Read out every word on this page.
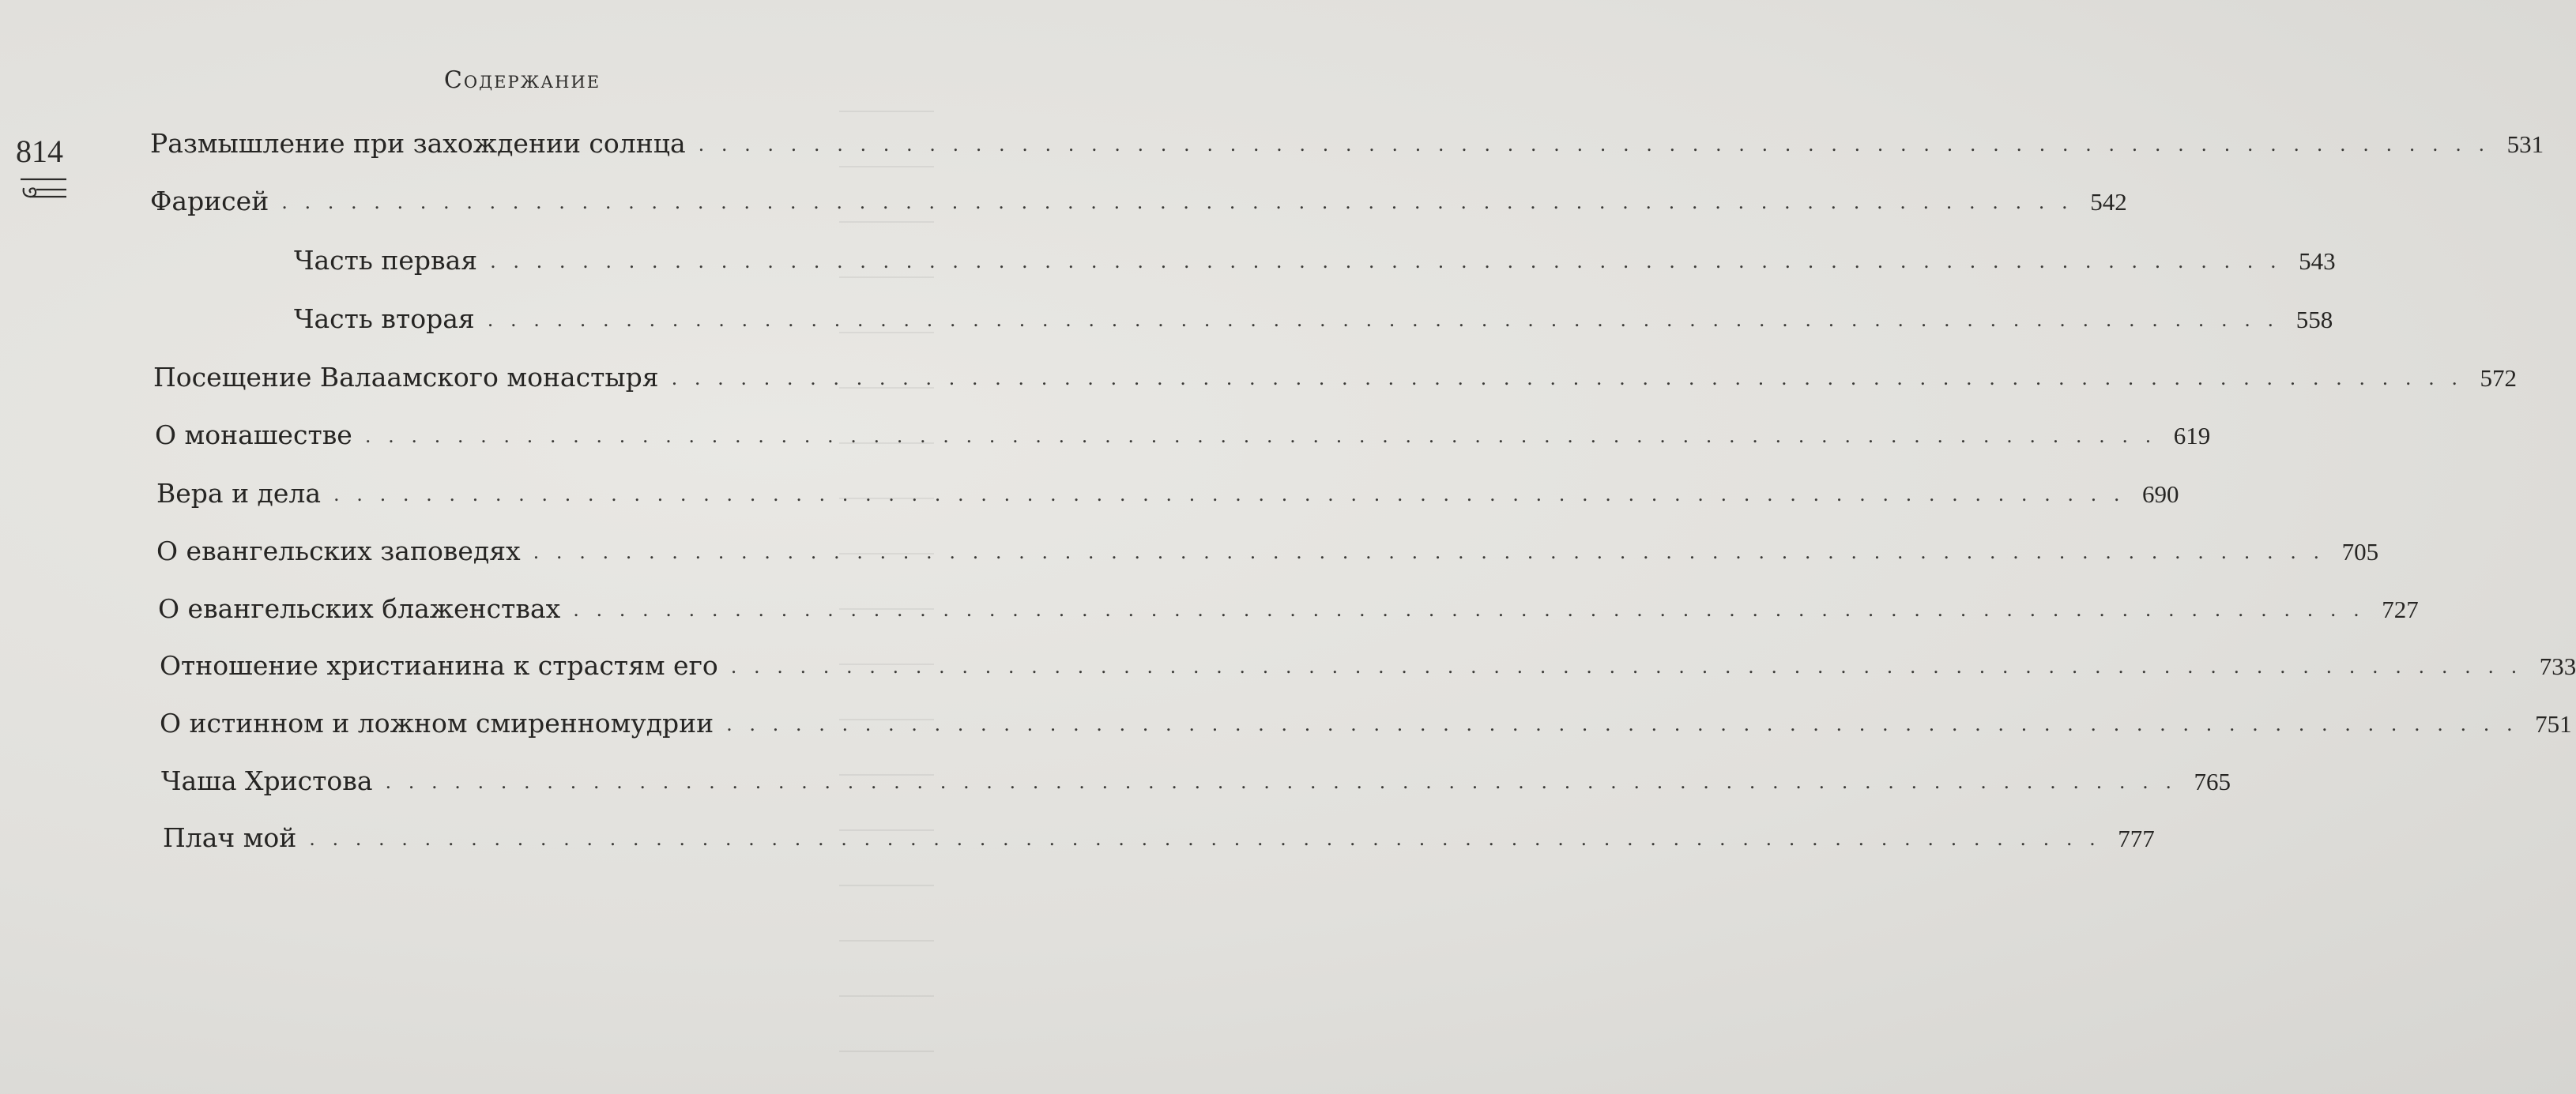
Содержание
814	Размышление при захождении солнца . . . . . . . . . . . . . . . . . . . . . . . . . . . . . . . . . . . . . . . . . . . . . . . . . . . . . . . . . . . . . . . . . . . . . . . . . . . . . . 531
Фарисей . . . . . . . . . . . . . . . . . . . . . . . . . . . . . . . . . . . . . . . . . . . . . . . . . . . . . . . . . . . . . . . . . . . . . . . . . . . . . . 542
Часть первая . . . . . . . . . . . . . . . . . . . . . . . . . . . . . . . . . . . . . . . . . . . . . . . . . . . . . . . . . . . . . . . . . . . . . . . . . . . . . . 543
Часть вторая . . . . . . . . . . . . . . . . . . . . . . . . . . . . . . . . . . . . . . . . . . . . . . . . . . . . . . . . . . . . . . . . . . . . . . . . . . . . . . 558
Посещение Валаамского монастыря . . . . . . . . . . . . . . . . . . . . . . . . . . . . . . . . . . . . . . . . . . . . . . . . . . . . . . . . . . . . . . . . . . . . . . . . . . . . . . 572
О монашестве . . . . . . . . . . . . . . . . . . . . . . . . . . . . . . . . . . . . . . . . . . . . . . . . . . . . . . . . . . . . . . . . . . . . . . . . . . . . . . 619
Вера и дела . . . . . . . . . . . . . . . . . . . . . . . . . . . . . . . . . . . . . . . . . . . . . . . . . . . . . . . . . . . . . . . . . . . . . . . . . . . . . . 690
О евангельских заповедях . . . . . . . . . . . . . . . . . . . . . . . . . . . . . . . . . . . . . . . . . . . . . . . . . . . . . . . . . . . . . . . . . . . . . . . . . . . . . . 705
О евангельских блаженствах . . . . . . . . . . . . . . . . . . . . . . . . . . . . . . . . . . . . . . . . . . . . . . . . . . . . . . . . . . . . . . . . . . . . . . . . . . . . . . 727
Отношение христианина к страстям его . . . . . . . . . . . . . . . . . . . . . . . . . . . . . . . . . . . . . . . . . . . . . . . . . . . . . . . . . . . . . . . . . . . . . . . . . . . . . . 733
О истинном и ложном смиренномудрии . . . . . . . . . . . . . . . . . . . . . . . . . . . . . . . . . . . . . . . . . . . . . . . . . . . . . . . . . . . . . . . . . . . . . . . . . . . . . . 751
Чаша Христова . . . . . . . . . . . . . . . . . . . . . . . . . . . . . . . . . . . . . . . . . . . . . . . . . . . . . . . . . . . . . . . . . . . . . . . . . . . . . . 765
Плач мой . . . . . . . . . . . . . . . . . . . . . . . . . . . . . . . . . . . . . . . . . . . . . . . . . . . . . . . . . . . . . . . . . . . . . . . . . . . . . . 777
